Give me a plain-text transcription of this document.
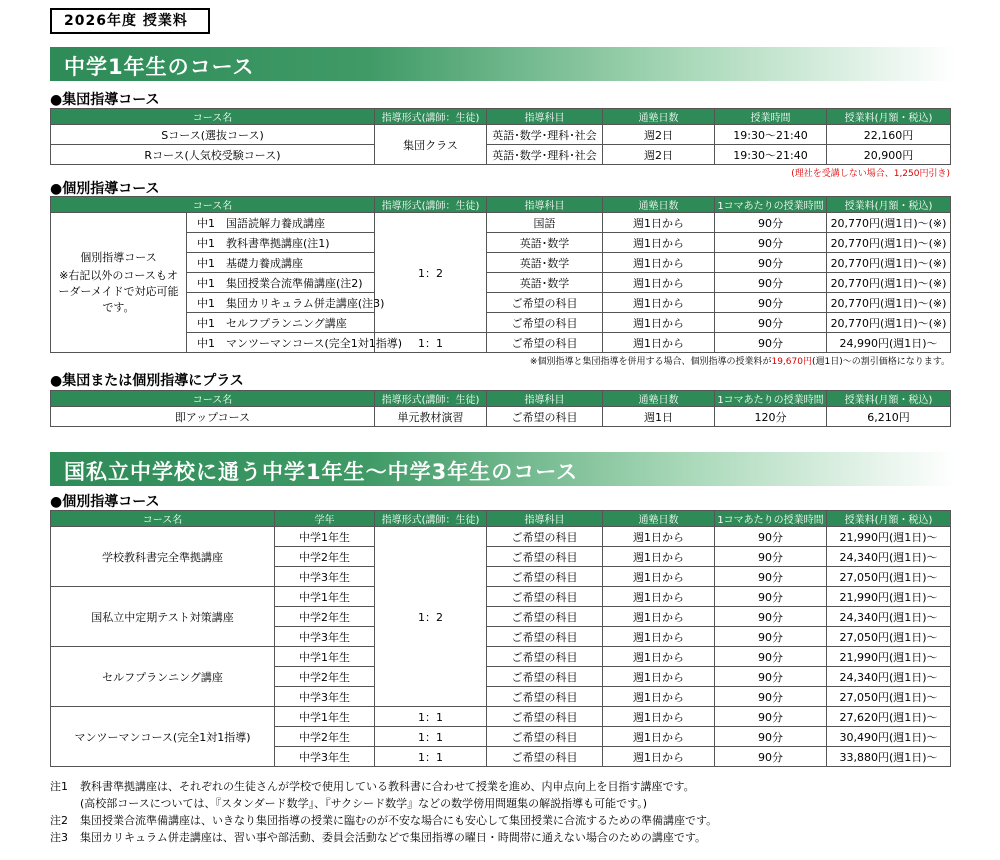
2026年度 授業料
中学1年生のコース
●集団指導コース
コース名	指導形式(講師：生徒)	指導科目	通塾日数	授業時間	授業料(月額・税込)
Sコース(選抜コース)	集団クラス	英語･数学･理科･社会	週2日	19:30～21:40	22,160円
Rコース(人気校受験コース)		英語･数学･理科･社会	週2日	19:30～21:40	20,900円
(理社を受講しない場合、1,250円引き)
●個別指導コース
コース名		指導形式(講師：生徒)	指導科目	通塾日数	1コマあたりの授業時間	授業料(月額・税込)

個別指導コース
※右記以外のコースもオーダーメイドで対応可能です。	中1　 国語読解力養成講座	1：2	国語	週1日から	90分	20,770円(週1日)～(※)
	中1　 教科書準拠講座(注1)		英語･数学	週1日から	90分	20,770円(週1日)～(※)
	中1　 基礎力養成講座		英語･数学	週1日から	90分	20,770円(週1日)～(※)
	中1　 集団授業合流準備講座(注2)		英語･数学	週1日から	90分	20,770円(週1日)～(※)
	中1　 集団カリキュラム併走講座(注3)		ご希望の科目	週1日から	90分	20,770円(週1日)～(※)
	中1　 セルフプランニング講座		ご希望の科目	週1日から	90分	20,770円(週1日)～(※)
	中1　 マンツーマンコース(完全1対1指導)	1：1	ご希望の科目	週1日から	90分	24,990円(週1日)～
※個別指導と集団指導を併用する場合、個別指導の授業料が19,670円(週1日)～の割引価格になります。
●集団または個別指導にプラス
コース名	指導形式(講師：生徒)	指導科目	通塾日数	1コマあたりの授業時間	授業料(月額・税込)
即アップコース	単元教材演習	ご希望の科目	週1日	120分	6,210円
国私立中学校に通う中学1年生～中学3年生のコース
●個別指導コース
コース名	学年	指導形式(講師：生徒)	指導科目	通塾日数	1コマあたりの授業時間	授業料(月額・税込)
学校教科書完全準拠講座	中学1年生	1：2	ご希望の科目	週1日から	90分	21,990円(週1日)～
	中学2年生		ご希望の科目	週1日から	90分	24,340円(週1日)～
	中学3年生		ご希望の科目	週1日から	90分	27,050円(週1日)～
国私立中定期テスト対策講座	中学1年生		ご希望の科目	週1日から	90分	21,990円(週1日)～
	中学2年生		ご希望の科目	週1日から	90分	24,340円(週1日)～
	中学3年生		ご希望の科目	週1日から	90分	27,050円(週1日)～
セルフプランニング講座	中学1年生		ご希望の科目	週1日から	90分	21,990円(週1日)～
	中学2年生		ご希望の科目	週1日から	90分	24,340円(週1日)～
	中学3年生		ご希望の科目	週1日から	90分	27,050円(週1日)～
マンツーマンコース(完全1対1指導)	中学1年生	1：1	ご希望の科目	週1日から	90分	27,620円(週1日)～
	中学2年生	1：1	ご希望の科目	週1日から	90分	30,490円(週1日)～
	中学3年生	1：1	ご希望の科目	週1日から	90分	33,880円(週1日)～
注1 教科書準拠講座は、それぞれの生徒さんが学校で使用している教科書に合わせて授業を進め、内申点向上を目指す講座です。
(高校部コースについては、『スタンダード数学』、『サクシード数学』などの数学傍用問題集の解説指導も可能です。)
注2 集団授業合流準備講座は、いきなり集団指導の授業に臨むのが不安な場合にも安心して集団授業に合流するための準備講座です。
注3 集団カリキュラム併走講座は、習い事や部活動、委員会活動などで集団指導の曜日・時間帯に通えない場合のための講座です。
